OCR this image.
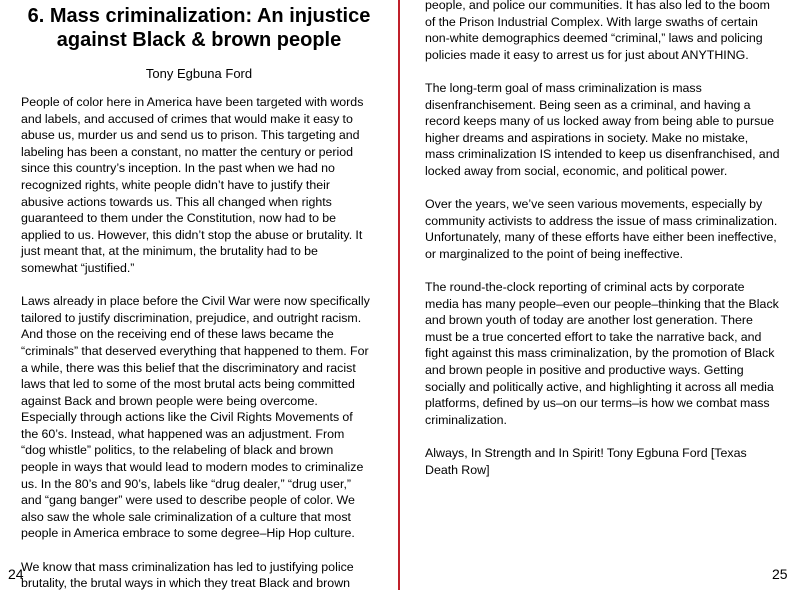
6. Mass criminalization: An injustice against Black & brown people
Tony Egbuna Ford

People of color here in America have been targeted with words and labels, and accused of crimes that would make it easy to abuse us, murder us and send us to prison. This targeting and labeling has been a constant, no matter the century or period since this country’s inception. In the past when we had no recognized rights, white people didn’t have to justify their abusive actions towards us. This all changed when rights guaranteed to them under the Constitution, now had to be applied to us. However, this didn’t stop the abuse or brutality. It just meant that, at the minimum, the brutality had to be somewhat “justified.”

Laws already in place before the Civil War were now specifically tailored to justify discrimination, prejudice, and outright racism. And those on the receiving end of these laws became the “criminals” that deserved everything that happened to them. For a while, there was this belief that the discriminatory and racist laws that led to some of the most brutal acts being committed against Back and brown people were being overcome. Especially through actions like the Civil Rights Movements of the 60’s. Instead, what happened was an adjustment. From “dog whistle” politics, to the relabeling of black and brown people in ways that would lead to modern modes to criminalize us. In the 80’s and 90’s, labels like “drug dealer,” “drug user,” and “gang banger” were used to describe people of color. We also saw the whole sale criminalization of a culture that most people in America embrace to some degree–Hip Hop culture.

We know that mass criminalization has led to justifying police brutality, the brutal ways in which they treat Black and brown

24

people, and police our communities. It has also led to the boom of the Prison Industrial Complex. With large swaths of certain non-white demographics deemed “criminal,” laws and policing policies made it easy to arrest us for just about ANYTHING.

The long-term goal of mass criminalization is mass disenfranchisement. Being seen as a criminal, and having a record keeps many of us locked away from being able to pursue higher dreams and aspirations in society. Make no mistake, mass criminalization IS intended to keep us disenfranchised, and locked away from social, economic, and political power.

Over the years, we’ve seen various movements, especially by community activists to address the issue of mass criminalization. Unfortunately, many of these efforts have either been ineffective, or marginalized to the point of being ineffective.

The round-the-clock reporting of criminal acts by corporate media has many people–even our people–thinking that the Black and brown youth of today are another lost generation. There must be a true concerted effort to take the narrative back, and fight against this mass criminalization, by the promotion of Black and brown people in positive and productive ways. Getting socially and politically active, and highlighting it across all media platforms, defined by us–on our terms–is how we combat mass criminalization.

Always, In Strength and In Spirit! Tony Egbuna Ford [Texas Death Row]

25
